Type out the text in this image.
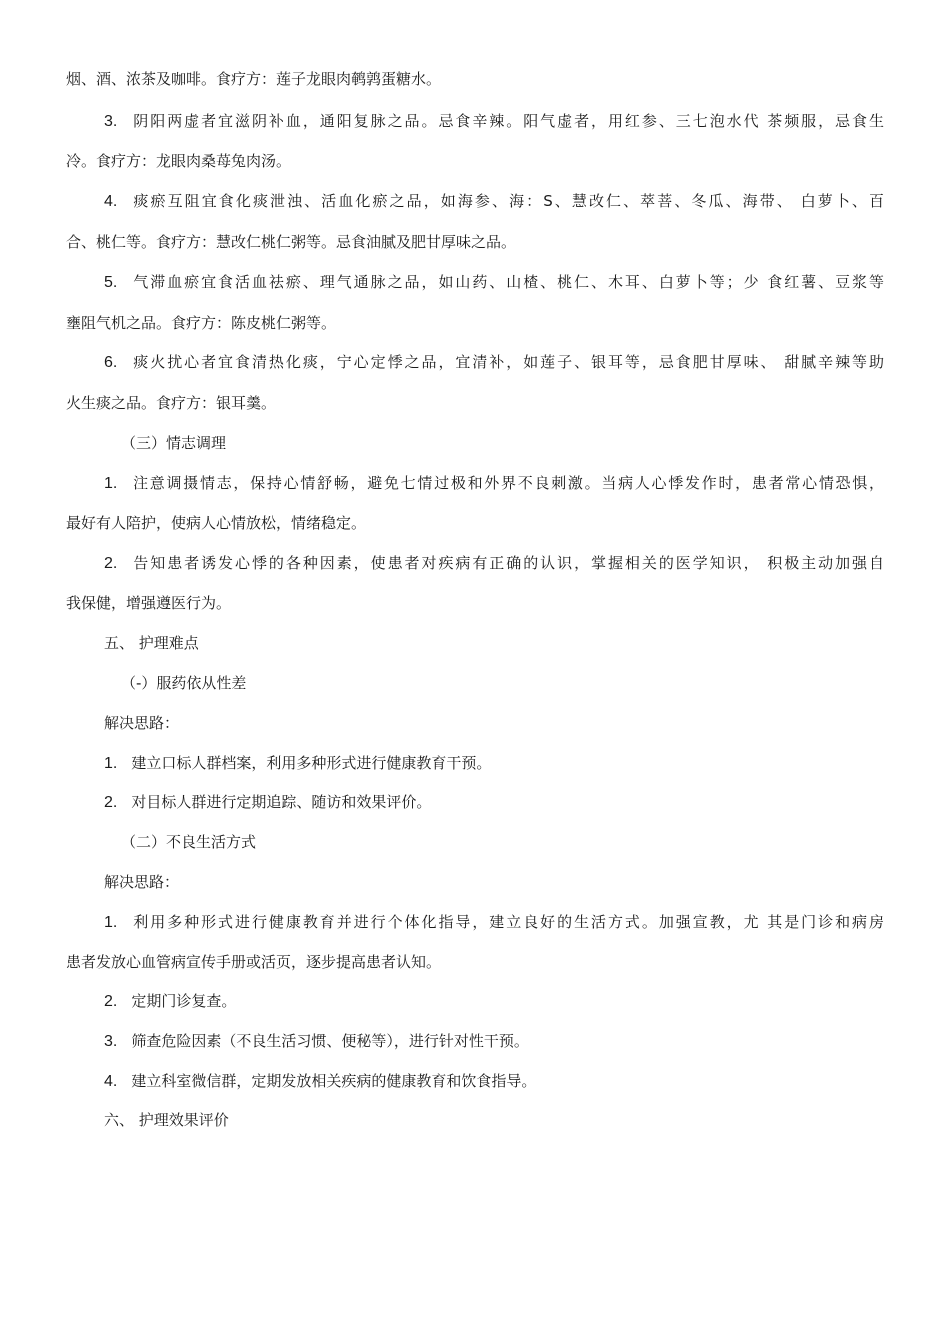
烟、酒、浓茶及咖啡。食疗方：莲子龙眼肉鹌鹑蛋糖水。
3. 阴阳两虚者宜滋阴补血，通阳复脉之品。忌食辛辣。阳气虚者，用红参、三七泡水代 茶频服，忌食生
冷。食疗方：龙眼肉桑苺兔肉汤。
4. 痰瘀互阻宜食化痰泄浊、活血化瘀之品，如海参、海：S、慧改仁、萃菩、冬瓜、海带、 白萝卜、百
合、桃仁等。食疗方：慧改仁桃仁粥等。忌食油腻及肥甘厚味之品。
5. 气滞血瘀宜食活血祛瘀、理气通脉之品，如山药、山楂、桃仁、木耳、白萝卜等；少 食红薯、豆浆等
壅阻气机之品。食疗方：陈皮桃仁粥等。
6. 痰火扰心者宜食清热化痰，宁心定悸之品，宜清补，如莲子、银耳等，忌食肥甘厚味、 甜腻辛辣等助
火生痰之品。食疗方：银耳羹。
（三）情志调理
1. 注意调摄情志，保持心情舒畅，避免七情过极和外界不良刺激。当病人心悸发作时，患者常心情恐惧，
最好有人陪护，使病人心情放松，情绪稳定。
2. 告知患者诱发心悸的各种因素，使患者对疾病有正确的认识，掌握相关的医学知识， 积极主动加强自
我保健，增强遵医行为。
五、 护理难点
（-）服药依从性差
解决思路：
1. 建立口标人群档案，利用多种形式进行健康教育干预。
2. 对目标人群进行定期追踪、随访和效果评价。
（二）不良生活方式
解决思路：
1. 利用多种形式进行健康教育并进行个体化指导，建立良好的生活方式。加强宣教，尤 其是门诊和病房
患者发放心血管病宣传手册或活页，逐步提高患者认知。
2. 定期门诊复查。
3. 筛查危险因素（不良生活习惯、便秘等），进行针对性干预。
4. 建立科室微信群，定期发放相关疾病的健康教育和饮食指导。
六、 护理效果评价
